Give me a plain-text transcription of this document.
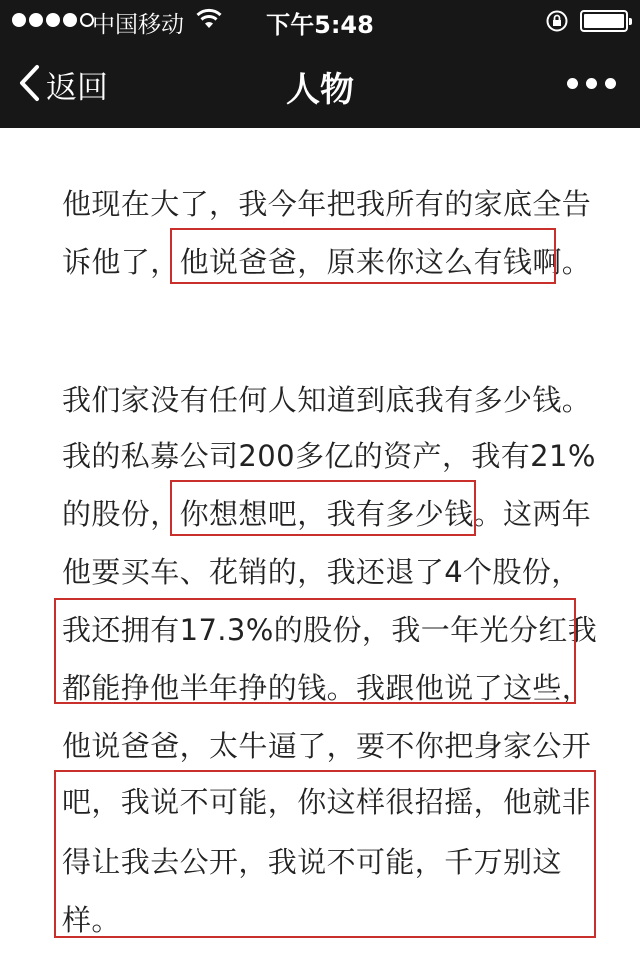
中国移动	下午5:48
返回	人物
他现在大了，我今年把我所有的家底全告
诉他了，他说爸爸，原来你这么有钱啊。
我们家没有任何人知道到底我有多少钱。
我的私募公司200多亿的资产，我有21%
的股份，你想想吧，我有多少钱。这两年
他要买车、花销的，我还退了4个股份，
我还拥有17.3%的股份，我一年光分红我
都能挣他半年挣的钱。我跟他说了这些，
他说爸爸，太牛逼了，要不你把身家公开
吧，我说不可能，你这样很招摇，他就非
得让我去公开，我说不可能，千万别这
样。
